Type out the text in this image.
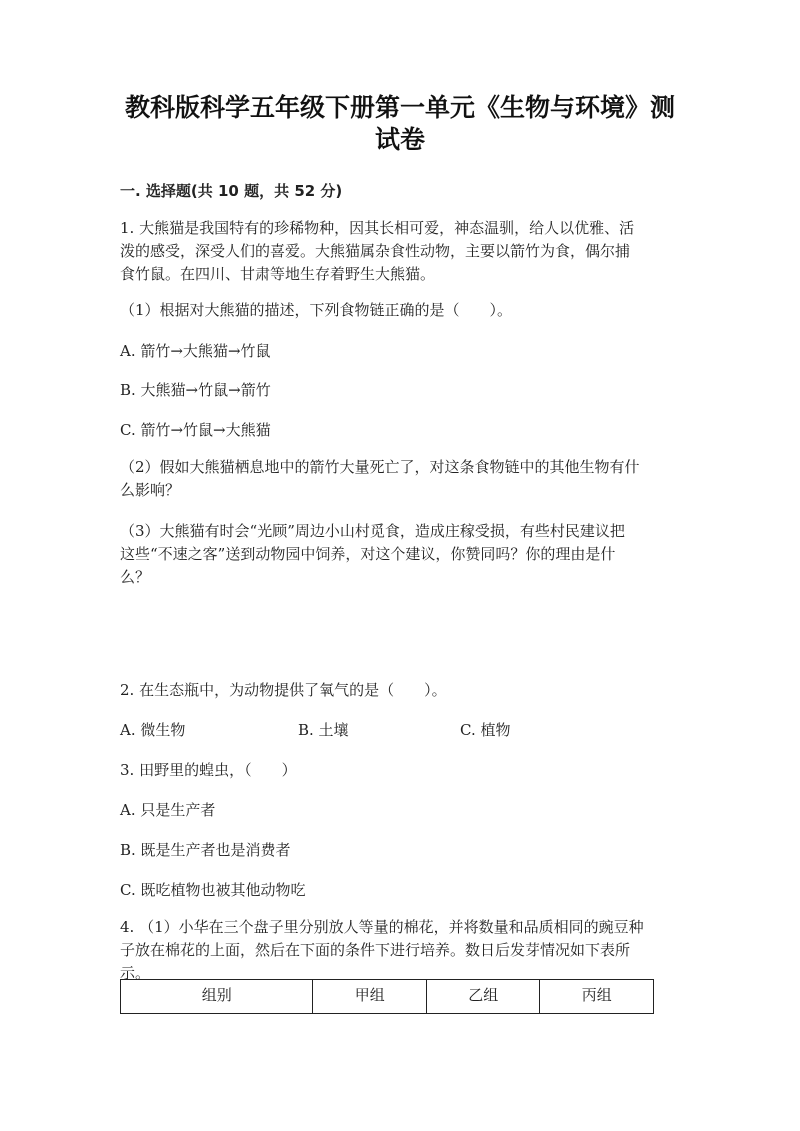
教科版科学五年级下册第一单元《生物与环境》测
试卷
一. 选择题(共 10 题，共 52 分)
1. 大熊猫是我国特有的珍稀物种，因其长相可爱，神态温驯，给人以优雅、活
泼的感受，深受人们的喜爱。大熊猫属杂食性动物，主要以箭竹为食，偶尔捕
食竹鼠。在四川、甘肃等地生存着野生大熊猫。
（1）根据对大熊猫的描述，下列食物链正确的是（　　）。
A. 箭竹→大熊猫→竹鼠
B. 大熊猫→竹鼠→箭竹
C. 箭竹→竹鼠→大熊猫
（2）假如大熊猫栖息地中的箭竹大量死亡了，对这条食物链中的其他生物有什
么影响？
（3）大熊猫有时会“光顾”周边小山村觅食，造成庄稼受损，有些村民建议把
这些“不速之客”送到动物园中饲养，对这个建议，你赞同吗？你的理由是什
么？
2. 在生态瓶中，为动物提供了氧气的是（　　）。
A. 微生物	B. 土壤	C. 植物
3. 田野里的蝗虫，（　　）
A. 只是生产者
B. 既是生产者也是消费者
C. 既吃植物也被其他动物吃
4. （1）小华在三个盘子里分别放人等量的棉花，并将数量和品质相同的豌豆种
子放在棉花的上面，然后在下面的条件下进行培养。数日后发芽情况如下表所
示。
组别	甲组	乙组	丙组
